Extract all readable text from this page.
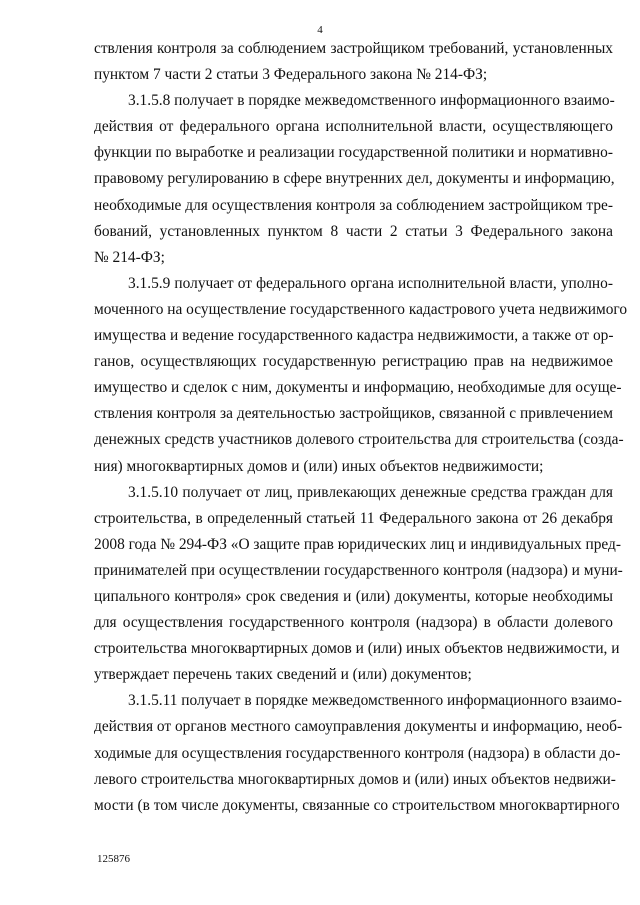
4
ствления контроля за соблюдением застройщиком требований, установленных
пунктом 7 части 2 статьи 3 Федерального закона № 214-ФЗ;
3.1.5.8 получает в порядке межведомственного информационного взаимо-
действия от федерального органа исполнительной власти, осуществляющего
функции по выработке и реализации государственной политики и нормативно-
правовому регулированию в сфере внутренних дел, документы и информацию,
необходимые для осуществления контроля за соблюдением застройщиком тре-
бований, установленных пунктом 8 части 2 статьи 3 Федерального закона
№ 214-ФЗ;
3.1.5.9 получает от федерального органа исполнительной власти, уполно-
моченного на осуществление государственного кадастрового учета недвижимого
имущества и ведение государственного кадастра недвижимости, а также от ор-
ганов, осуществляющих государственную регистрацию прав на недвижимое
имущество и сделок с ним, документы и информацию, необходимые для осуще-
ствления контроля за деятельностью застройщиков, связанной с привлечением
денежных средств участников долевого строительства для строительства (созда-
ния) многоквартирных домов и (или) иных объектов недвижимости;
3.1.5.10 получает от лиц, привлекающих денежные средства граждан для
строительства, в определенный статьей 11 Федерального закона от 26 декабря
2008 года № 294-ФЗ «О защите прав юридических лиц и индивидуальных пред-
принимателей при осуществлении государственного контроля (надзора) и муни-
ципального контроля» срок сведения и (или) документы, которые необходимы
для осуществления государственного контроля (надзора) в области долевого
строительства многоквартирных домов и (или) иных объектов недвижимости, и
утверждает перечень таких сведений и (или) документов;
3.1.5.11 получает в порядке межведомственного информационного взаимо-
действия от органов местного самоуправления документы и информацию, необ-
ходимые для осуществления государственного контроля (надзора) в области до-
левого строительства многоквартирных домов и (или) иных объектов недвижи-
мости (в том числе документы, связанные со строительством многоквартирного
125876
